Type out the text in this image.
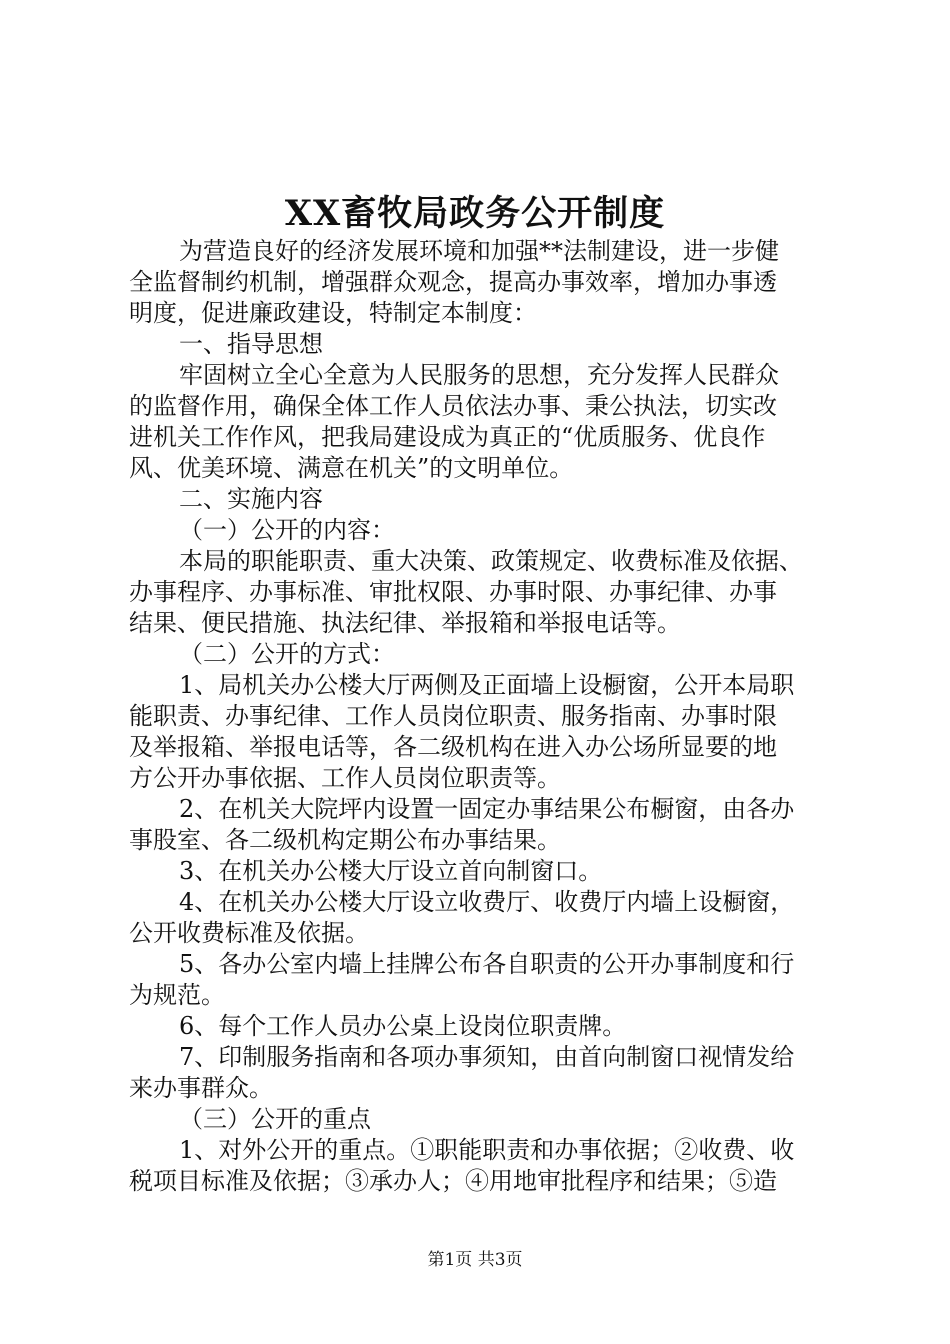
XX畜牧局政务公开制度
为营造良好的经济发展环境和加强**法制建设，进一步健
全监督制约机制，增强群众观念，提高办事效率，增加办事透
明度，促进廉政建设，特制定本制度：
一、指导思想
牢固树立全心全意为人民服务的思想，充分发挥人民群众
的监督作用，确保全体工作人员依法办事、秉公执法，切实改
进机关工作作风，把我局建设成为真正的“优质服务、优良作
风、优美环境、满意在机关”的文明单位。
二、实施内容
（一）公开的内容：
本局的职能职责、重大决策、政策规定、收费标准及依据、
办事程序、办事标准、审批权限、办事时限、办事纪律、办事
结果、便民措施、执法纪律、举报箱和举报电话等。
（二）公开的方式：
1、局机关办公楼大厅两侧及正面墙上设橱窗，公开本局职
能职责、办事纪律、工作人员岗位职责、服务指南、办事时限
及举报箱、举报电话等，各二级机构在进入办公场所显要的地
方公开办事依据、工作人员岗位职责等。
2、在机关大院坪内设置一固定办事结果公布橱窗，由各办
事股室、各二级机构定期公布办事结果。
3、在机关办公楼大厅设立首向制窗口。
4、在机关办公楼大厅设立收费厅、收费厅内墙上设橱窗，
公开收费标准及依据。
5、各办公室内墙上挂牌公布各自职责的公开办事制度和行
为规范。
6、每个工作人员办公桌上设岗位职责牌。
7、印制服务指南和各项办事须知，由首向制窗口视情发给
来办事群众。
（三）公开的重点
1、对外公开的重点。①职能职责和办事依据；②收费、收
税项目标准及依据；③承办人；④用地审批程序和结果；⑤造
第1页 共3页
